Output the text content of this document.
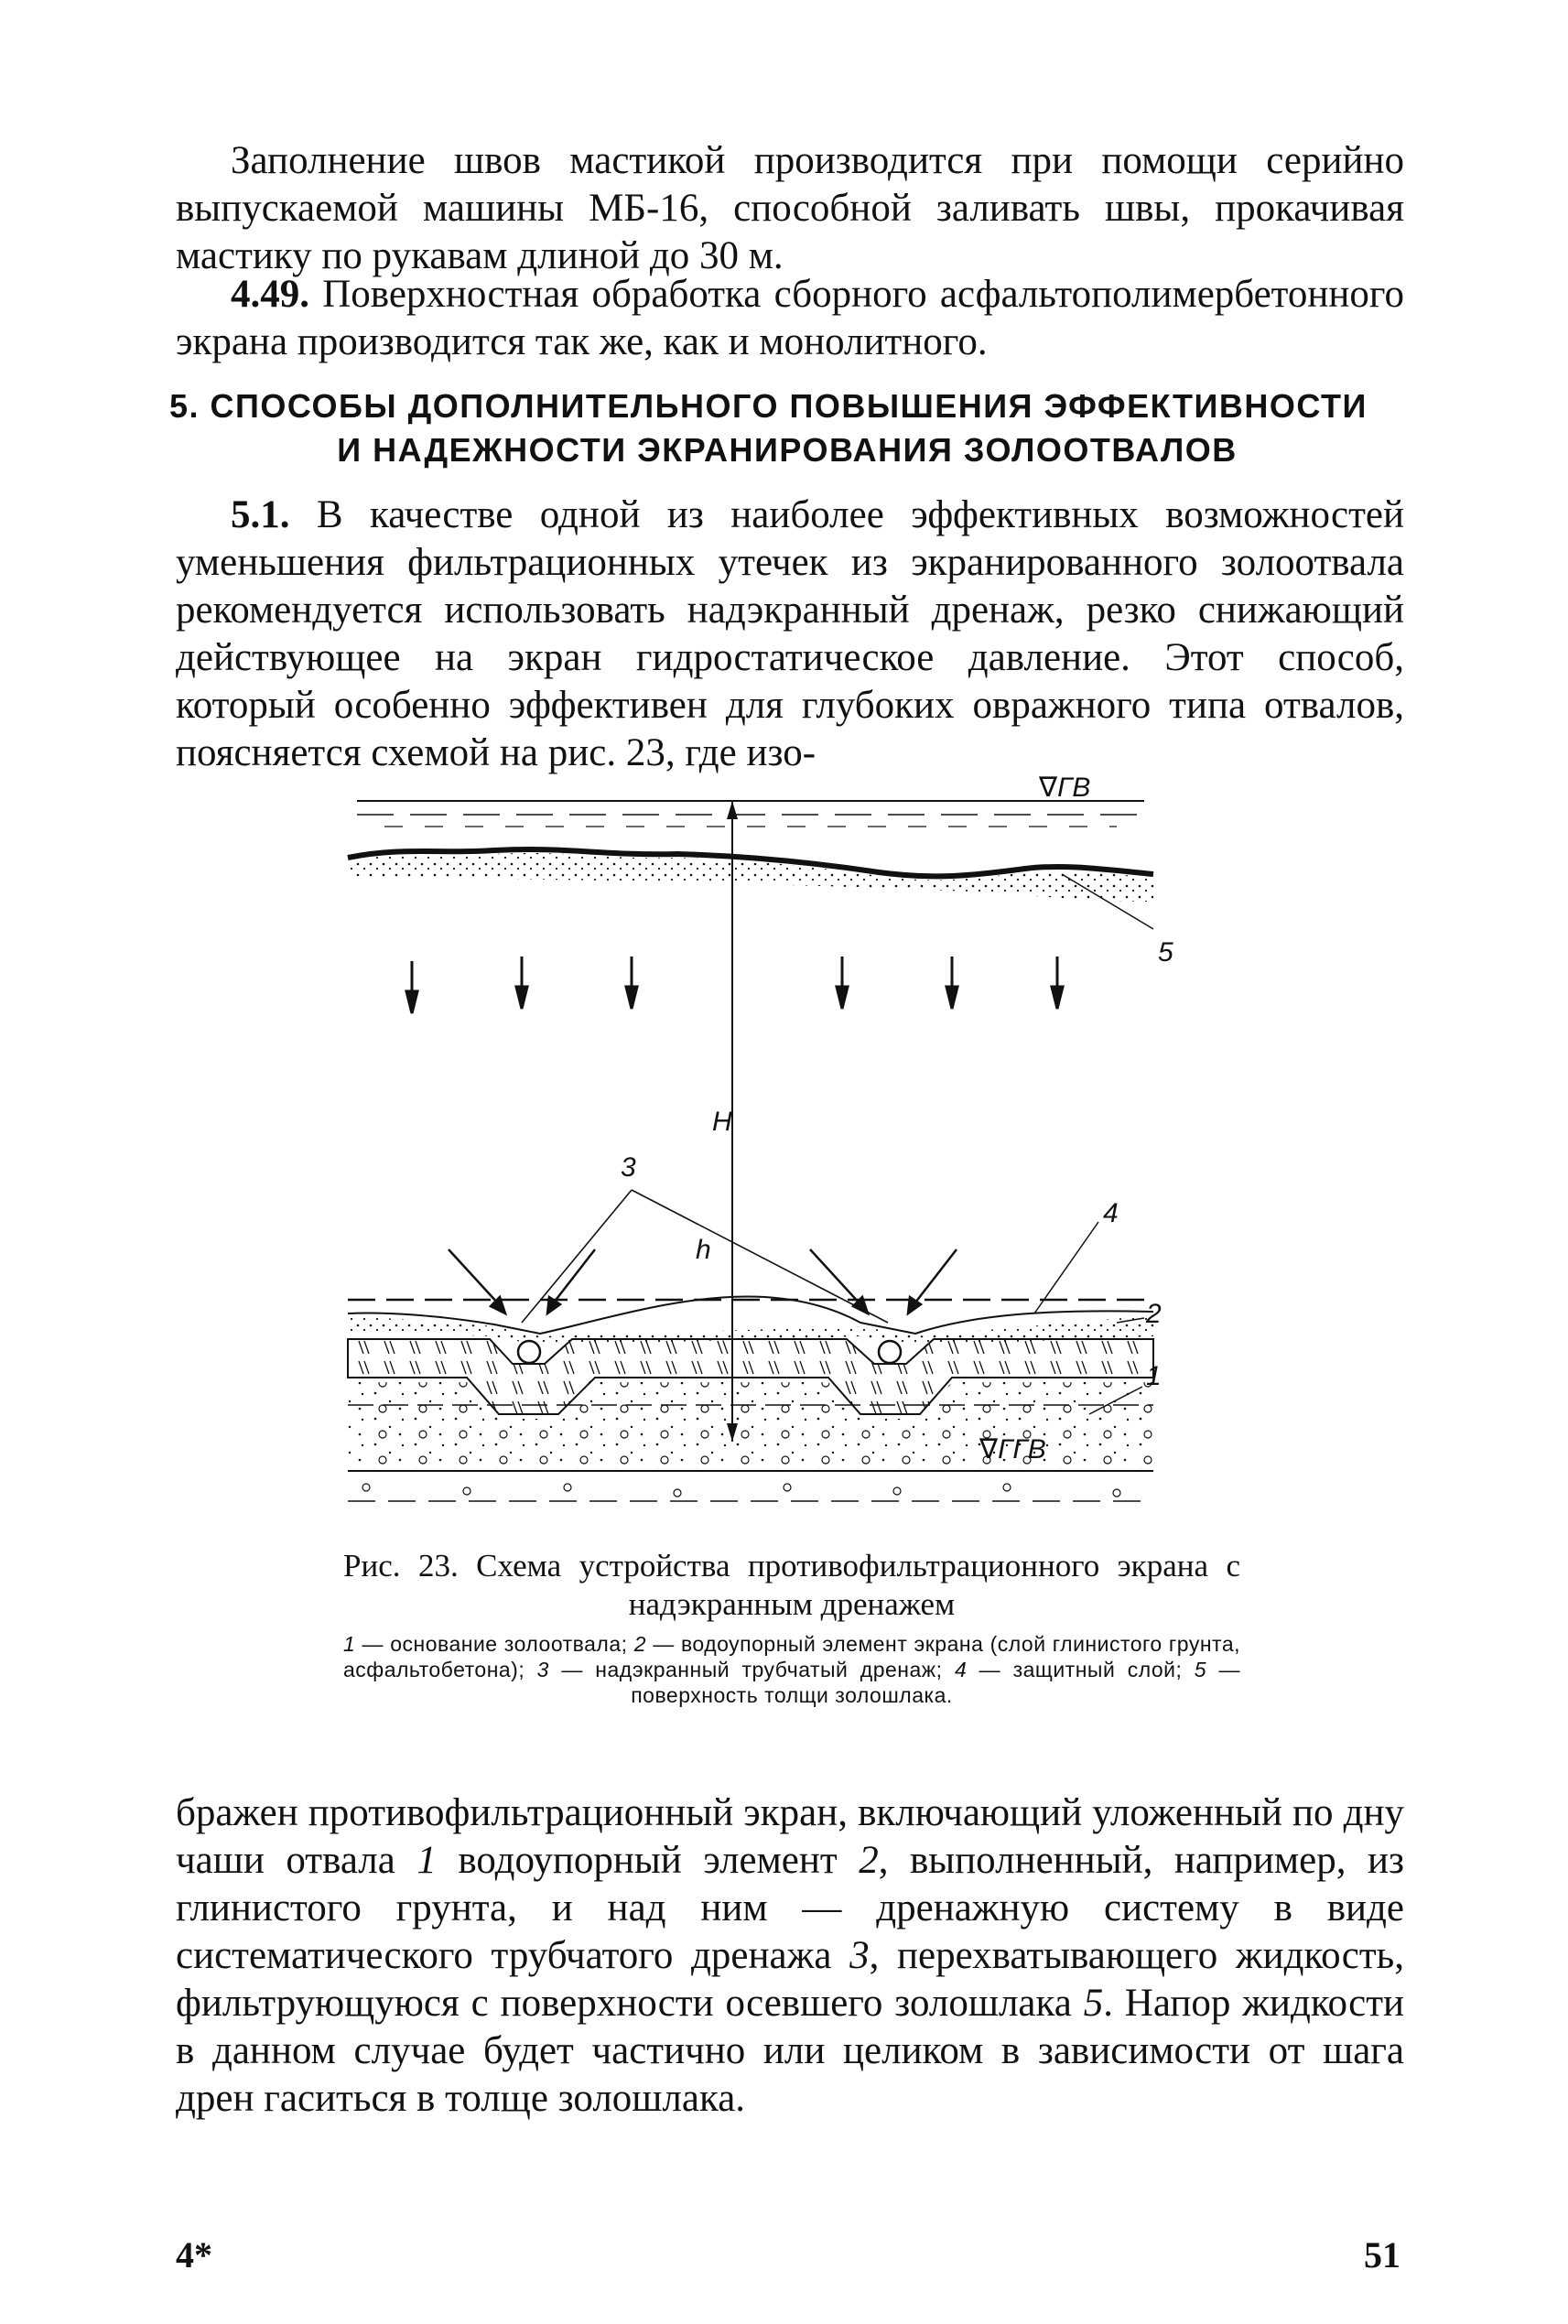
Заполнение швов мастикой производится при помощи серийно выпускаемой машины МБ-16, способной заливать швы, прокачивая мастику по рукавам длиной до 30 м.

4.49. Поверхностная обработка сборного асфальтополимербетонного экрана производится так же, как и монолитного.

5. СПОСОБЫ ДОПОЛНИТЕЛЬНОГО ПОВЫШЕНИЯ ЭФФЕКТИВНОСТИ
И НАДЕЖНОСТИ ЭКРАНИРОВАНИЯ ЗОЛООТВАЛОВ

5.1. В качестве одной из наиболее эффективных возможностей уменьшения фильтрационных утечек из экранированного золоотвала рекомендуется использовать надэкранный дренаж, резко снижающий действующее на экран гидростатическое давление. Этот способ, который особенно эффективен для глубоких овражного типа отвалов, поясняется схемой на рис. 23, где изо-

∇ГВ
5
H
∇ГГВ
3
h
4
2
1

Рис. 23. Схема устройства противофильтрационного экрана с надэкранным дренажем

1 — основание золоотвала; 2 — водоупорный элемент экрана (слой глинистого грунта, асфальтобетона); 3 — надэкранный трубчатый дренаж; 4 — защитный слой; 5 — поверхность толщи золошлака.

бражен противофильтрационный экран, включающий уложенный по дну чаши отвала 1 водоупорный элемент 2, выполненный, например, из глинистого грунта, и над ним — дренажную систему в виде систематического трубчатого дренажа 3, перехватывающего жидкость, фильтрующуюся с поверхности осевшего золошлака 5. Напор жидкости в данном случае будет частично или целиком в зависимости от шага дрен гаситься в толще золошлака.

4*	51
